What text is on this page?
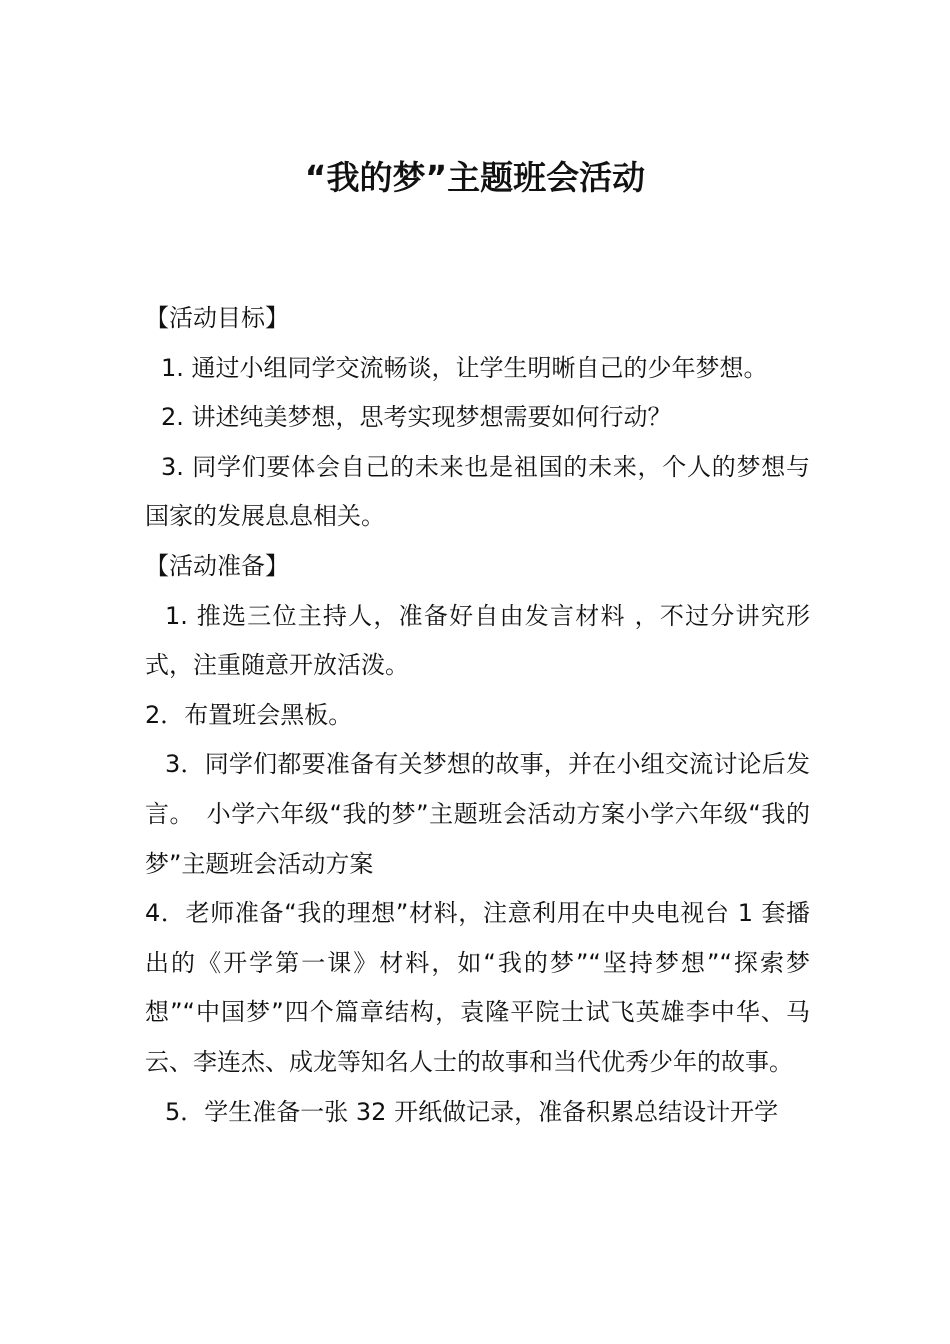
“我的梦”主题班会活动

【活动目标】

1. 通过小组同学交流畅谈，让学生明晰自己的少年梦想。

2. 讲述纯美梦想，思考实现梦想需要如何行动？

3. 同学们要体会自己的未来也是祖国的未来，个人的梦想与国家的发展息息相关。

【活动准备】

1. 推选三位主持人，准备好自由发言材料 ，不过分讲究形式，注重随意开放活泼。

2．布置班会黑板。

3．同学们都要准备有关梦想的故事，并在小组交流讨论后发言。　小学六年级“我的梦”主题班会活动方案小学六年级“我的梦”主题班会活动方案

4．老师准备“我的理想”材料，注意利用在中央电视台 1 套播出的《开学第一课》材料，如“我的梦”“坚持梦想”“探索梦想”“中国梦”四个篇章结构，袁隆平院士试飞英雄李中华、马云、李连杰、成龙等知名人士的故事和当代优秀少年的故事。

5．学生准备一张 32 开纸做记录，准备积累总结设计开学
